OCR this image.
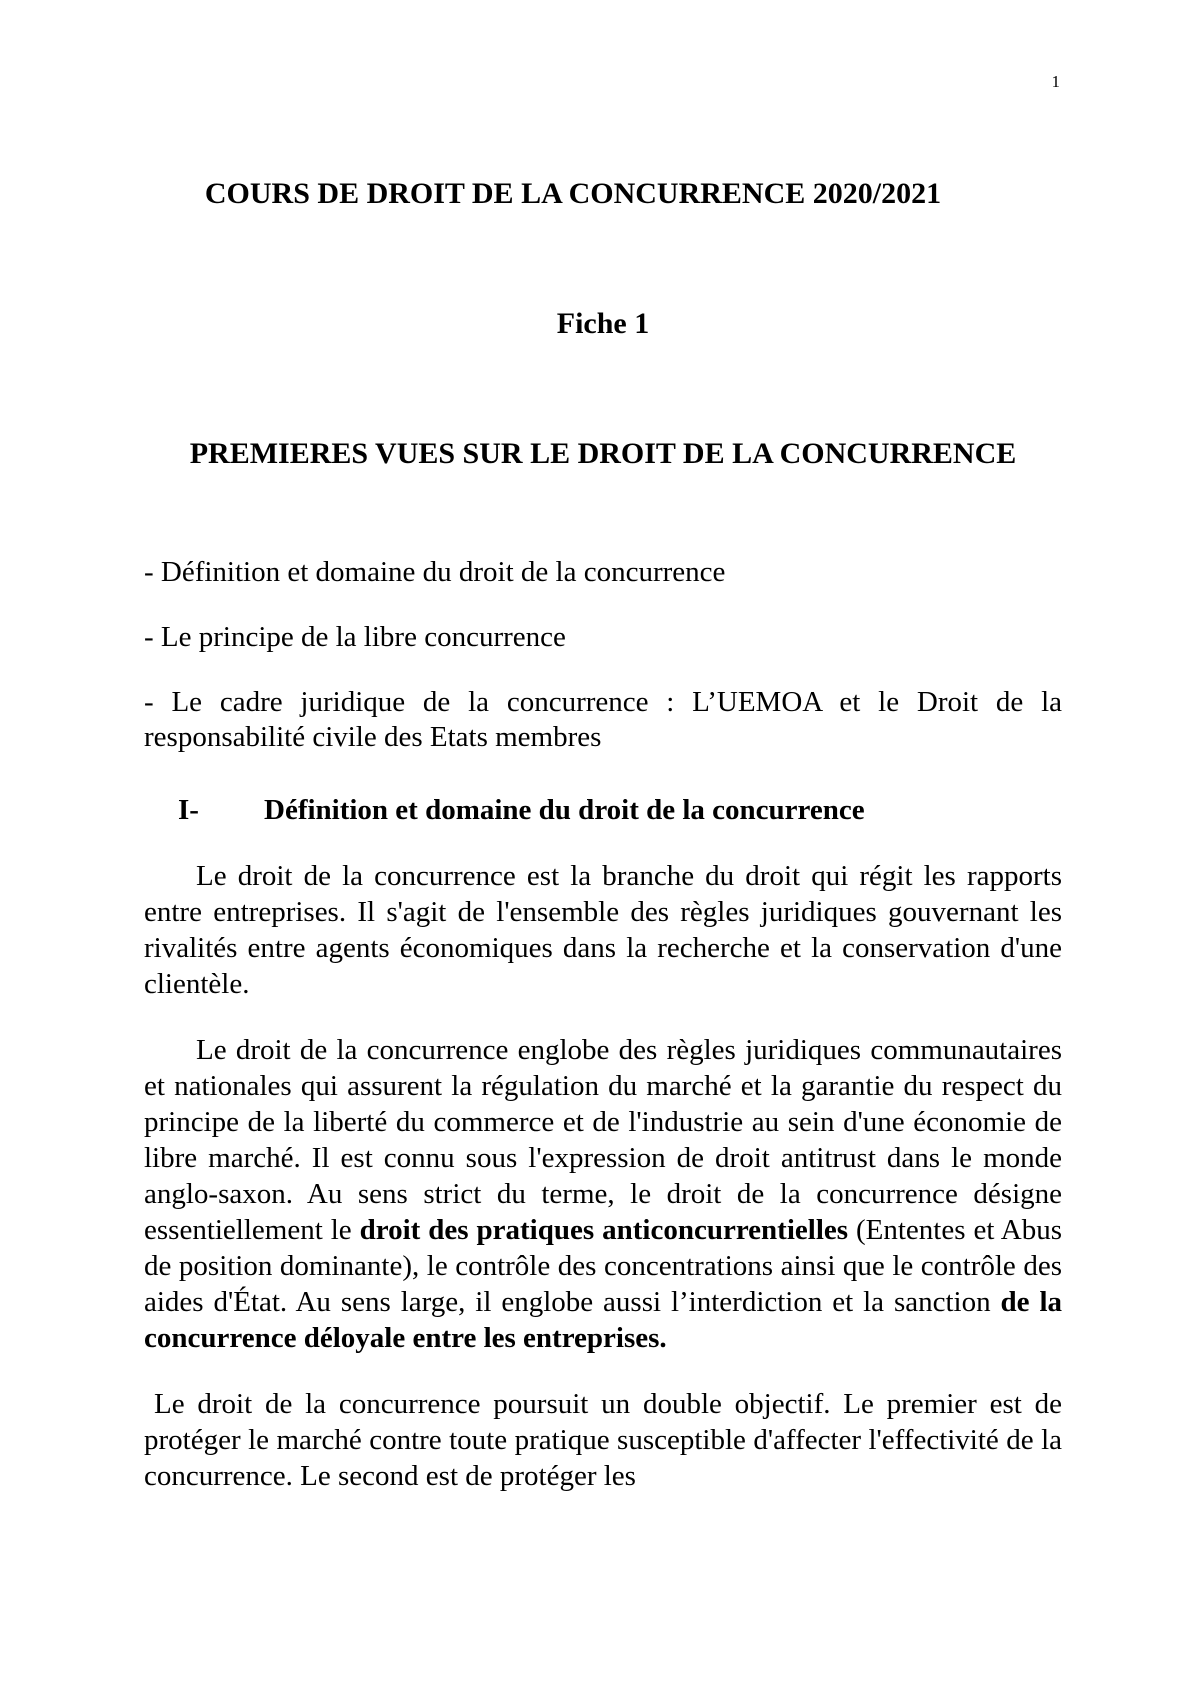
1
COURS DE DROIT DE LA CONCURRENCE 2020/2021
Fiche 1
PREMIERES VUES SUR LE DROIT DE LA CONCURRENCE

- Définition et domaine du droit de la concurrence

- Le principe de la libre concurrence

- Le cadre juridique de la concurrence : L’UEMOA et le Droit de la responsabilité civile des Etats membres

I-	Définition et domaine du droit de la concurrence

Le droit de la concurrence est la branche du droit qui régit les rapports entre entreprises. Il s'agit de l'ensemble des règles juridiques gouvernant les rivalités entre agents économiques dans la recherche et la conservation d'une clientèle.

Le droit de la concurrence englobe des règles juridiques communautaires et nationales qui assurent la régulation du marché et la garantie du respect du principe de la liberté du commerce et de l'industrie au sein d'une économie de libre marché. Il est connu sous l'expression de droit antitrust dans le monde anglo-saxon. Au sens strict du terme, le droit de la concurrence désigne essentiellement le droit des pratiques anticoncurrentielles (Ententes et Abus de position dominante), le contrôle des concentrations ainsi que le contrôle des aides d'État. Au sens large, il englobe aussi l’interdiction et la sanction de la concurrence déloyale entre les entreprises.

Le droit de la concurrence poursuit un double objectif. Le premier est de protéger le marché contre toute pratique susceptible d'affecter l'effectivité de la concurrence. Le second est de protéger les
